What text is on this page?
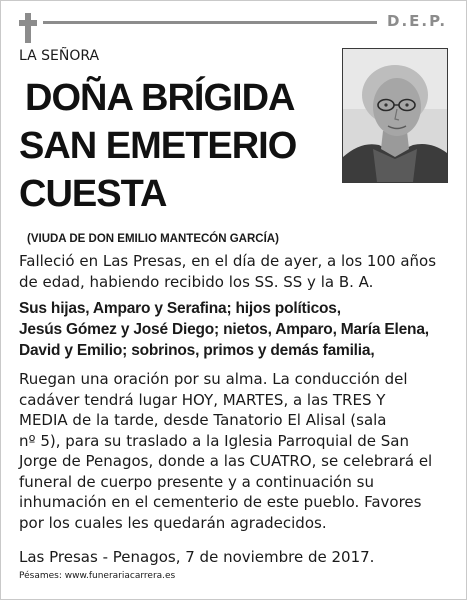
D.E.P.
LA SEÑORA
DOÑA BRÍGIDA
SAN EMETERIO
CUESTA
(VIUDA DE DON EMILIO MANTECÓN GARCÍA)
Falleció en Las Presas, en el día de ayer, a los 100 años
de edad, habiendo recibido los SS. SS y la B. A.
Sus hijas, Amparo y Serafina; hijos políticos,
Jesús Gómez y José Diego; nietos, Amparo, María Elena,
David y Emilio; sobrinos, primos y demás familia,
Ruegan una oración por su alma. La conducción del
cadáver tendrá lugar HOY, MARTES, a las TRES Y
MEDIA de la tarde, desde Tanatorio El Alisal (sala
nº 5), para su traslado a la Iglesia Parroquial de San
Jorge de Penagos, donde a las CUATRO, se celebrará el
funeral de cuerpo presente y a continuación su
inhumación en el cementerio de este pueblo. Favores
por los cuales les quedarán agradecidos.
Las Presas - Penagos, 7 de noviembre de 2017.
Pésames: www.funerariacarrera.es
